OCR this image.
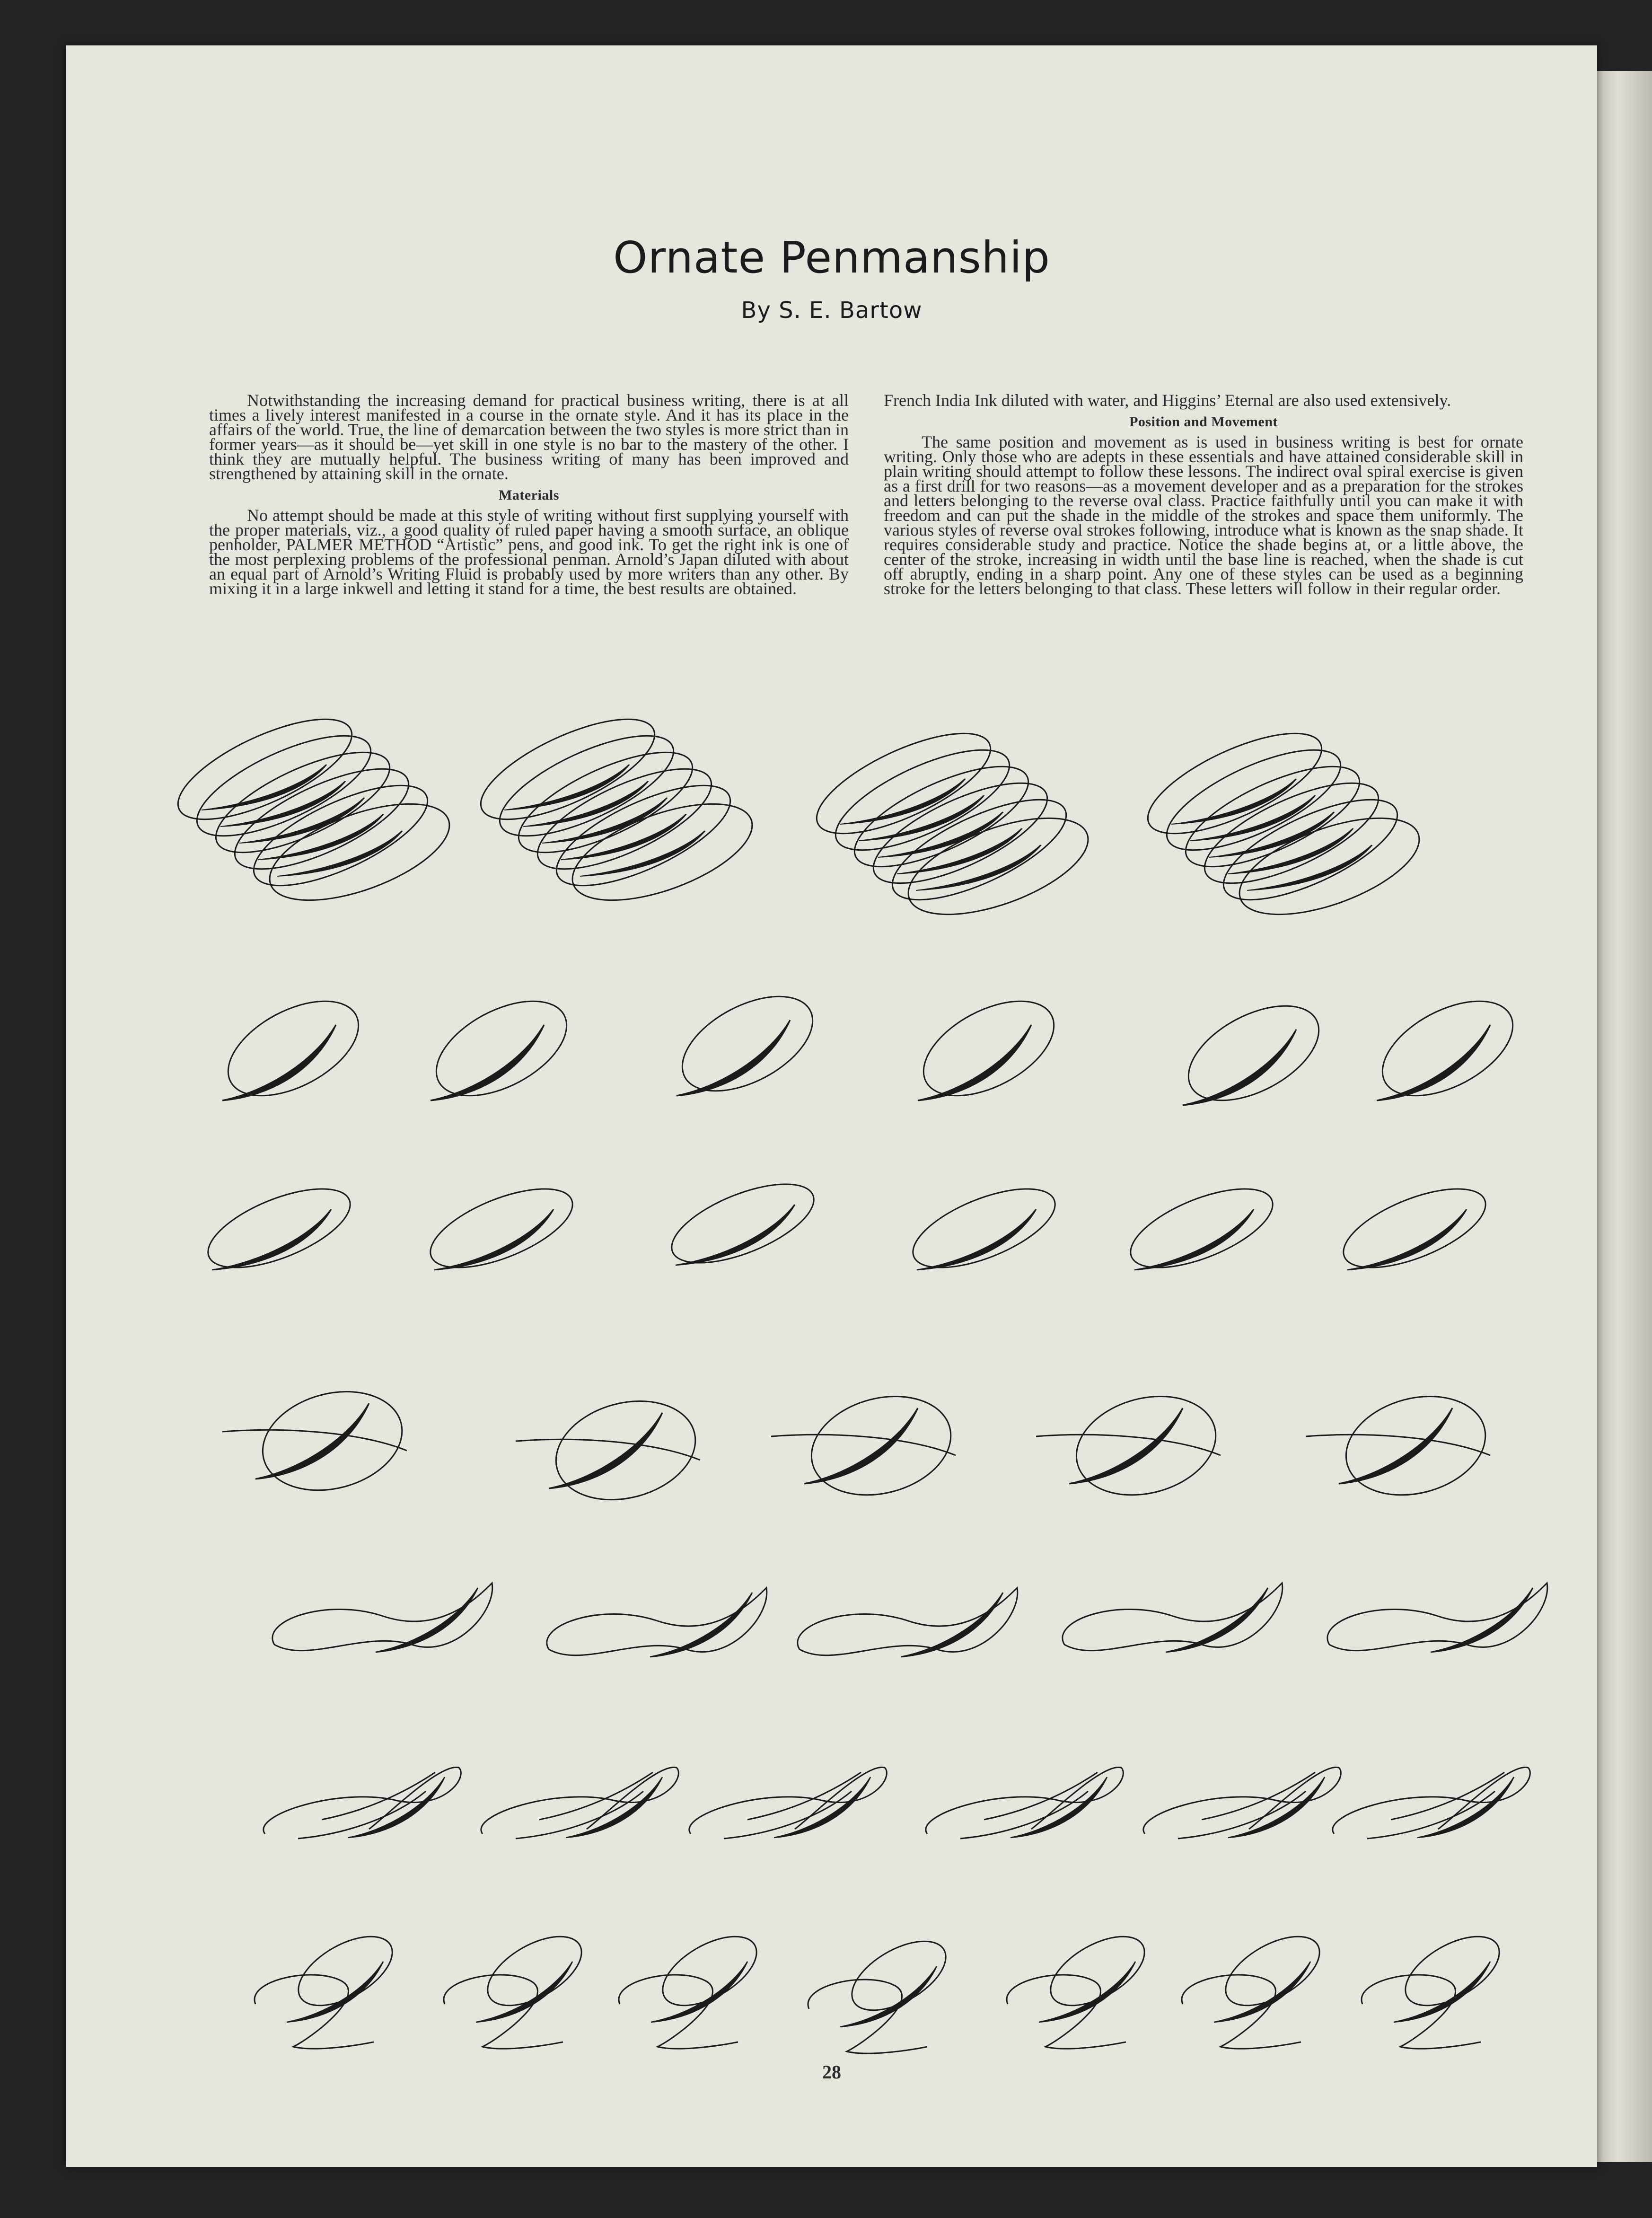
Ornate Penmanship
By S. E. Bartow

Notwithstanding the increasing demand for practical business writing, there is at all times a lively interest manifested in a course in the ornate style. And it has its place in the affairs of the world. True, the line of demarcation between the two styles is more strict than in former years—as it should be—yet skill in one style is no bar to the mastery of the other. I think they are mutually helpful. The business writing of many has been improved and strengthened by attaining skill in the ornate.

Materials

No attempt should be made at this style of writing without first supplying yourself with the proper materials, viz., a good quality of ruled paper having a smooth surface, an oblique penholder, PALMER METHOD “Artistic” pens, and good ink. To get the right ink is one of the most perplexing problems of the professional penman. Arnold’s Japan diluted with about an equal part of Arnold’s Writing Fluid is probably used by more writers than any other. By mixing it in a large inkwell and letting it stand for a time, the best results are obtained.

French India Ink diluted with water, and Higgins’ Eternal are also used extensively.

Position and Movement

The same position and movement as is used in business writing is best for ornate writing. Only those who are adepts in these essentials and have attained considerable skill in plain writing should attempt to follow these lessons. The indirect oval spiral exercise is given as a first drill for two reasons—as a movement developer and as a preparation for the strokes and letters belonging to the reverse oval class. Practice faithfully until you can make it with freedom and can put the shade in the middle of the strokes and space them uniformly. The various styles of reverse oval strokes following, introduce what is known as the snap shade. It requires considerable study and practice. Notice the shade begins at, or a little above, the center of the stroke, increasing in width until the base line is reached, when the shade is cut off abruptly, ending in a sharp point. Any one of these styles can be used as a beginning stroke for the letters belonging to that class. These letters will follow in their regular order.

28
